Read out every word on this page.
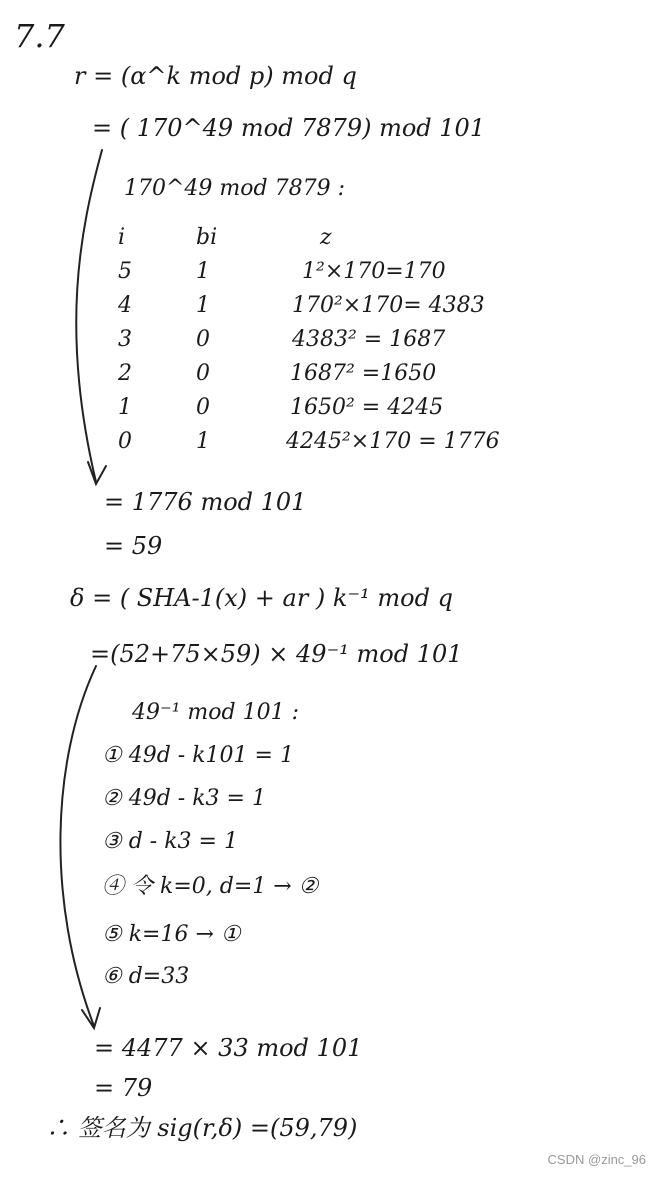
7.7
r = (α^k mod p) mod q
= ( 170^49 mod 7879) mod 101
170^49 mod 7879 :
i	bi	z
5	1	1²×170=170
4	1	170²×170= 4383
3	0	4383² = 1687
2	0	1687² =1650
1	0	1650² = 4245
0	1	4245²×170 = 1776
= 1776 mod 101
= 59
δ = ( SHA-1(x) + ar ) k⁻¹ mod q
=(52+75×59) × 49⁻¹ mod 101
49⁻¹ mod 101 :
① 49d - k101 = 1
② 49d - k3 = 1
③ d - k3 = 1
④ 令 k=0, d=1 → ②
⑤ k=16 → ①
⑥ d=33
= 4477 × 33 mod 101
= 79
∴ 签名为 sig(r,δ) =(59,79)
CSDN @zinc_96
